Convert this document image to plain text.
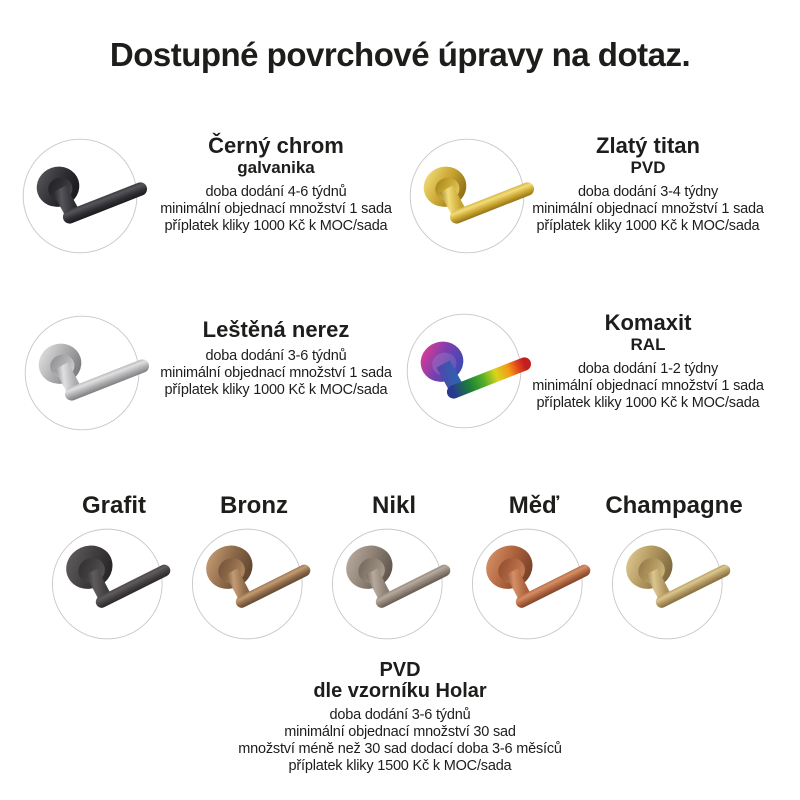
Dostupné povrchové úpravy na dotaz.
Černý chrom
galvanika
doba dodání 4-6 týdnů
minimální objednací množství 1 sada
příplatek kliky 1000 Kč k MOC/sada
Zlatý titan
PVD
doba dodání 3-4 týdny
minimální objednací množství 1 sada
příplatek kliky 1000 Kč k MOC/sada
Leštěná nerez
doba dodání 3-6 týdnů
minimální objednací množství 1 sada
příplatek kliky 1000 Kč k MOC/sada
Komaxit
RAL
doba dodání 1-2 týdny
minimální objednací množství 1 sada
příplatek kliky 1000 Kč k MOC/sada
Grafit	Bronz	Nikl	Měď	Champagne
PVD
dle vzorníku Holar
doba dodání 3-6 týdnů
minimální objednací množství 30 sad
množství méně než 30 sad dodací doba 3-6 měsíců
příplatek kliky 1500 Kč k MOC/sada
